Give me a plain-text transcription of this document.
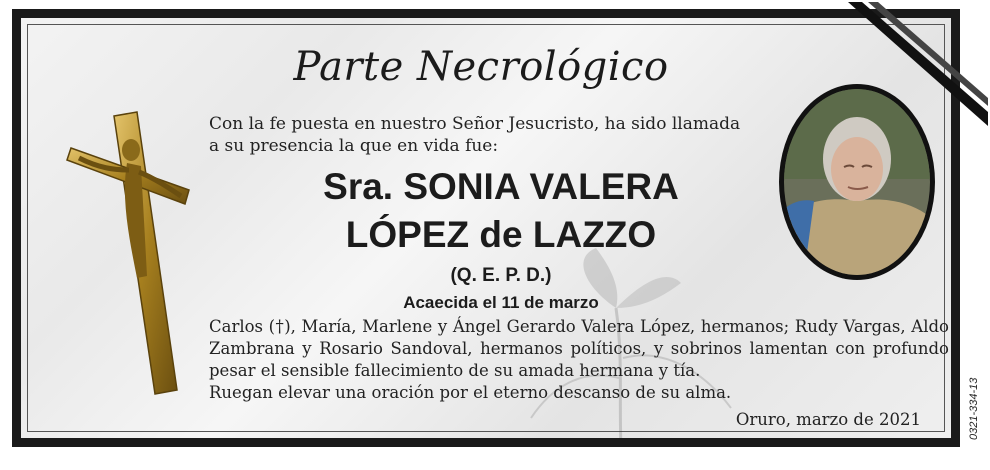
Parte Necrológico
Con la fe puesta en nuestro Señor Jesucristo, ha sido llamada
a su presencia la que en vida fue:
Sra. SONIA VALERA
LÓPEZ de LAZZO
(Q. E. P. D.)
Acaecida el 11 de marzo

Carlos (†), María, Marlene y Ángel Gerardo Valera López, hermanos; Rudy Vargas, Aldo Zambrana y Rosario Sandoval, hermanos políticos, y sobrinos lamentan con profundo pesar el sensible fallecimiento de su amada hermana y tía.

Ruegan elevar una oración por el eterno descanso de su alma.
Oruro, marzo de 2021	0321-334-13
